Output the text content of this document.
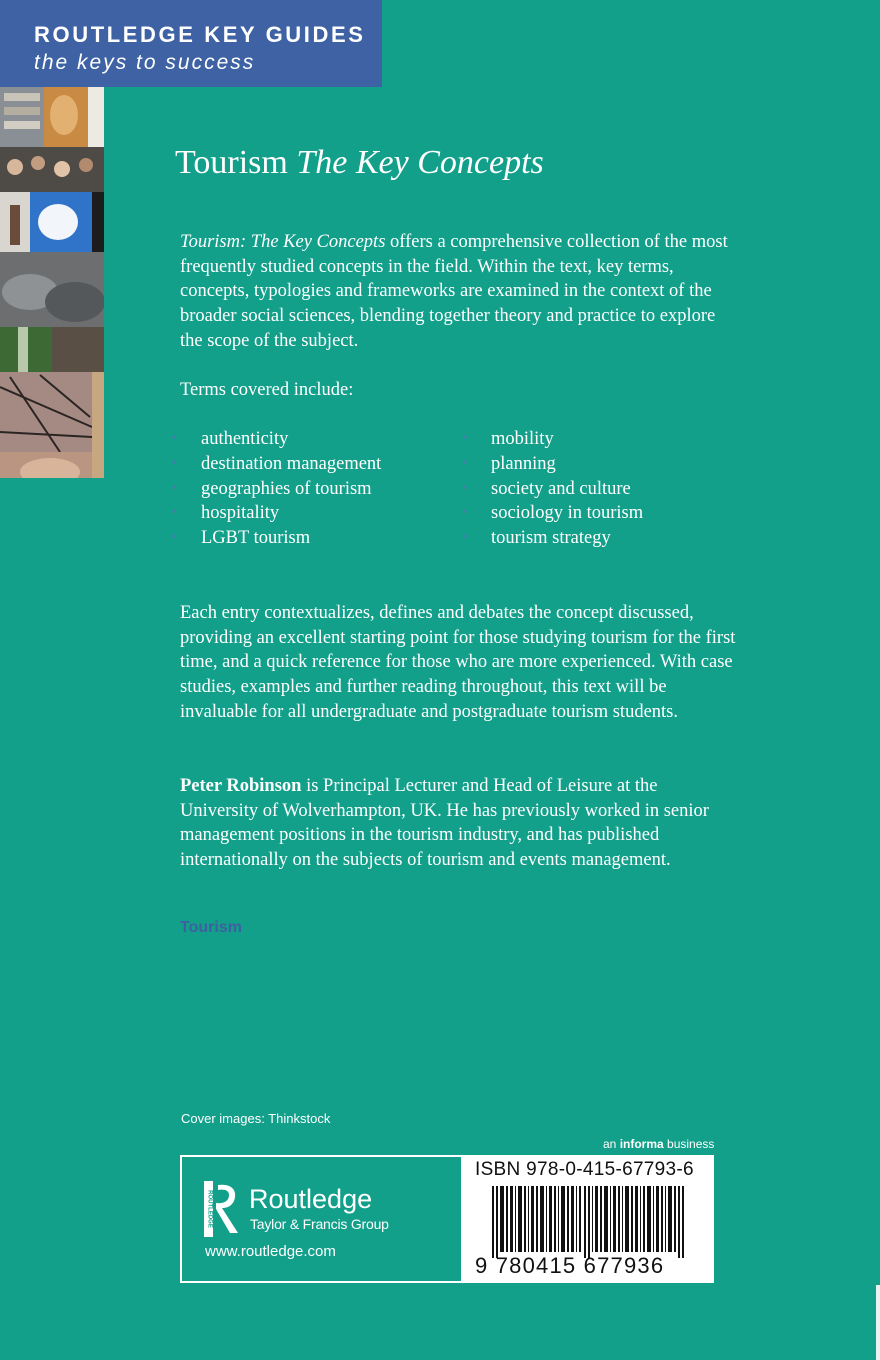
ROUTLEDGE KEY GUIDES
the keys to success
Tourism The Key Concepts

Tourism: The Key Concepts offers a comprehensive collection of the most frequently studied concepts in the field. Within the text, key terms, concepts, typologies and frameworks are examined in the context of the broader social sciences, blending together theory and practice to explore the scope of the subject.

Terms covered include:

• authenticity
• destination management
• geographies of tourism
• hospitality
• LGBT tourism
• mobility
• planning
• society and culture
• sociology in tourism
• tourism strategy

Each entry contextualizes, defines and debates the concept discussed, providing an excellent starting point for those studying tourism for the first time, and a quick reference for those who are more experienced. With case studies, examples and further reading throughout, this text will be invaluable for all undergraduate and postgraduate tourism students.

Peter Robinson is Principal Lecturer and Head of Leisure at the University of Wolverhampton, UK. He has previously worked in senior management positions in the tourism industry, and has published internationally on the subjects of tourism and events management.

Tourism
Cover images: Thinkstock
an informa business
ROUTLEDGE Routledge
Taylor & Francis Group
www.routledge.com
ISBN 978-0-415-67793-6
9 780415 677936
